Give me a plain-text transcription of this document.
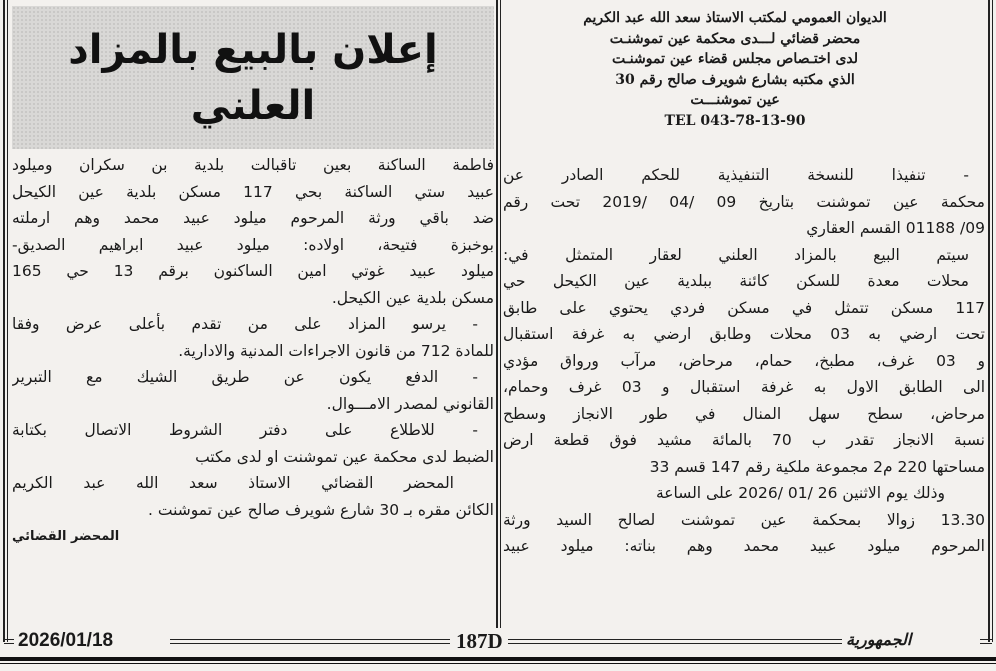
إعلان بالبيع بالمزاد
العلني
الديوان العمومي لمكتب الاستاذ سعد الله عبد الكريم
محضر قضائي لـــدى محكمة عين تموشنـت
لدى اختـصاص مجلس قضاء عين تموشنـت
الذي مكتبه بشارع شويرف صالح رقم 30
عين تموشنـــت
TEL 043-78-13-90
- تنفيذا للنسخة التنفيذية للحكم الصادر عن
محكمة عين تموشنت بتاريخ 09 /04 /2019 تحت رقم
09/ 01188 القسم العقاري
سيتم البيع بالمزاد العلني لعقار المتمثل في:
محلات معدة للسكن كائنة ببلدية عين الكيحل حي
117 مسكن تتمثل في مسكن فردي يحتوي على طابق
تحت ارضي به 03 محلات وطابق ارضي به غرفة استقبال
و 03 غرف، مطبخ، حمام، مرحاض، مرآب ورواق مؤدي
الى الطابق الاول به غرفة استقبال و 03 غرف وحمام،
مرحاض، سطح سهل المنال في طور الانجاز وسطح
نسبة الانجاز تقدر ب 70 بالمائة مشيد فوق قطعة ارض
مساحتها 220 م2 مجموعة ملكية رقم 147 قسم 33
وذلك يوم الاثنين 26 /01 /2026 على الساعة
13.30 زوالا بمحكمة عين تموشنت لصالح السيد ورثة
المرحوم ميلود عبيد محمد وهم بناته: ميلود عبيد
فاطمة الساكنة بعين تاقبالت بلدية بن سكران وميلود
عبيد ستي الساكنة بحي 117 مسكن بلدية عين الكيحل
ضد باقي ورثة المرحوم ميلود عبيد محمد وهم ارملته
بوخبزة فتيحة، اولاده: ميلود عبيد ابراهيم الصديق-
ميلود عبيد غوتي امين الساكنون برقم 13 حي 165
مسكن بلدية عين الكيحل.
- يرسو المزاد على من تقدم بأعلى عرض وفقا
للمادة 712 من قانون الاجراءات المدنية والادارية.
- الدفع يكون عن طريق الشيك مع التبرير
القانوني لمصدر الامـــوال.
- للاطلاع على دفتر الشروط الاتصال بكتابة
الضبط لدى محكمة عين تموشنت او لدى مكتب
المحضر القضائي الاستاذ سعد الله عبد الكريم
الكائن مقره بـ 30 شارع شويرف صالح عين تموشنت .
المحضر القضائي
2026/01/18	187D	الجمهورية
